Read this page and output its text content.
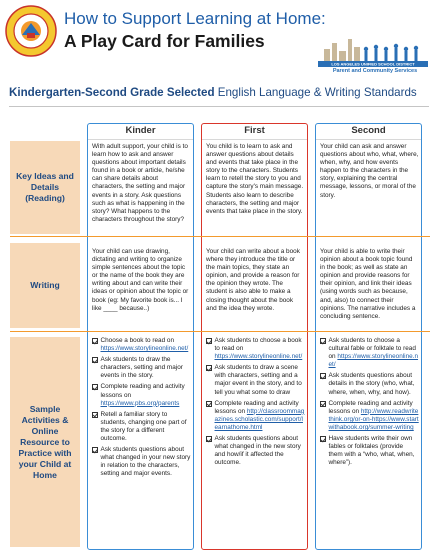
How to Support Learning at Home:
A Play Card for Families
LOS ANGELES UNIFIED SCHOOL DISTRICT
Parent and Community Services
Kindergarten-Second Grade Selected English Language & Writing Standards
Kinder	First	Second
Key Ideas and Details (Reading)
Writing
Sample Activities & Online Resource to Practice with your Child at Home
With adult support, your child is to learn how to ask and answer questions about important details found in a book or article, he/she can share details about characters, the setting and major events in a story. Ask questions such as what is happening in the story? What happens to the characters throughout the story?
You child is to learn to ask and answer questions about details and events that take place in the story to the characters. Students learn to retell the story to you and capture the story's main message. Students also learn to describe characters, the setting and major events that take place in the story.
Your child can ask and answer questions about who, what, where, when, why, and how events happen to the characters in the story, explaining the central message, lessons, or moral of the story.
Your child can use drawing, dictating and writing to organize simple sentences about the topic or the name of the book they are writing about and can write their ideas or opinion about the topic or book (eg: My favorite book is... I like ____ because..)
Your child can write about a book where they introduce the title or the main topics, they state an opinion, and provide a reason for the opinion they wrote. The student is also able to make a closing thought about the book and the idea they wrote.
Your child is able to write their opinion about a book topic found in the book; as well as state an opinion and provide reasons for their opinion, and link their ideas (using words such as because, and, also) to connect their opinions. The narrative includes a concluding sentence.
Choose a book to read on https://www.storylineonline.net/
Ask students to draw the characters, setting and major events in the story.
Complete reading and activity lessons on https://www.pbs.org/parents
Retell a familiar story to students, changing one part of the story for a different outcome.
Ask students questions about what changed in your new story in relation to the characters, setting and major events.
Ask students to choose a book to read on https://www.storylineonline.net/
Ask students to draw a scene with characters, setting and a major event in the story, and to tell you what some to draw
Complete reading and activity lessons on http://classroommagazines.scholastic.com/support/learnathome.html
Ask students questions about what changed in the new story and how/if it affected the outcome.
Ask students to choose a cultural fable or folktale to read on https://www.storylineonline.net/
Ask students questions about details in the story (who, what, where, when, why, and how).
Complete reading and activity lessons on http://www.readwritethink.org/or-on-https://www.startwithabook.org/summer-writing
Have students write their own fables or folktales (provide them with a “who, what, when, where”).
